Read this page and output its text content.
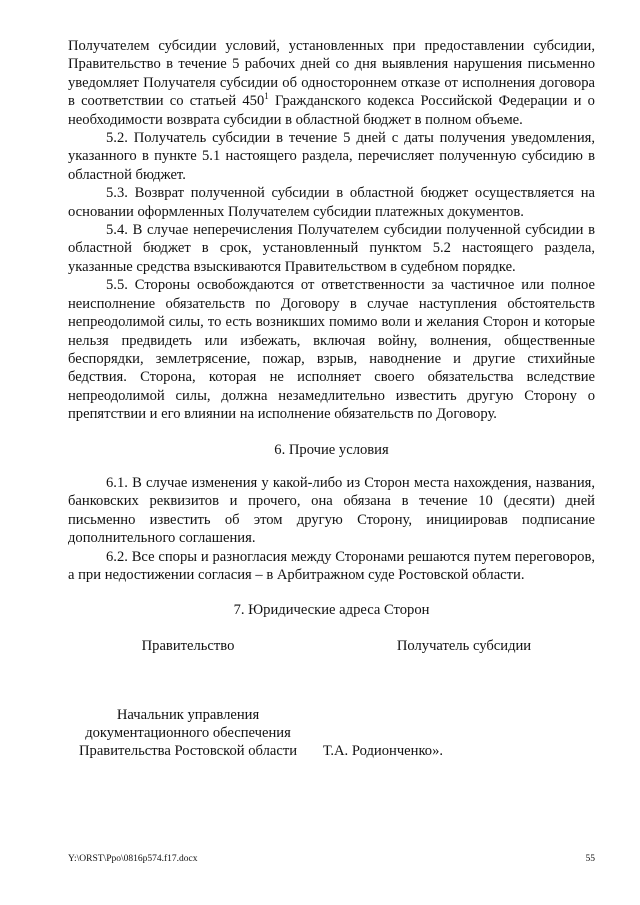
Получателем субсидии условий, установленных при предоставлении субсидии, Правительство в течение 5 рабочих дней со дня выявления нарушения письменно уведомляет Получателя субсидии об одностороннем отказе от исполнения договора в соответствии со статьей $450^1$ Гражданского кодекса Российской Федерации и о необходимости возврата субсидии в областной бюджет в полном объеме.

5.2. Получатель субсидии в течение 5 дней с даты получения уведомления, указанного в пункте 5.1 настоящего раздела, перечисляет полученную субсидию в областной бюджет.

5.3. Возврат полученной субсидии в областной бюджет осуществляется на основании оформленных Получателем субсидии платежных документов.

5.4. В случае неперечисления Получателем субсидии полученной субсидии в областной бюджет в срок, установленный пунктом 5.2 настоящего раздела, указанные средства взыскиваются Правительством в судебном порядке.

5.5. Стороны освобождаются от ответственности за частичное или полное неисполнение обязательств по Договору в случае наступления обстоятельств непреодолимой силы, то есть возникших помимо воли и желания Сторон и которые нельзя предвидеть или избежать, включая войну, волнения, общественные беспорядки, землетрясение, пожар, взрыв, наводнение и другие стихийные бедствия. Сторона, которая не исполняет своего обязательства вследствие непреодолимой силы, должна незамедлительно известить другую Сторону о препятствии и его влиянии на исполнение обязательств по Договору.

6. Прочие условия

6.1. В случае изменения у какой-либо из Сторон места нахождения, названия, банковских реквизитов и прочего, она обязана в течение 10 (десяти) дней письменно известить об этом другую Сторону, инициировав подписание дополнительного соглашения.

6.2. Все споры и разногласия между Сторонами решаются путем переговоров, а при недостижении согласия – в Арбитражном суде Ростовской области.

7. Юридические адреса Сторон

Правительство	Получатель субсидии
Начальник управления
документационного обеспечения
Правительства Ростовской области	Т.А. Родионченко».
Y:\ORST\Ppo\0816p574.f17.docx	55
